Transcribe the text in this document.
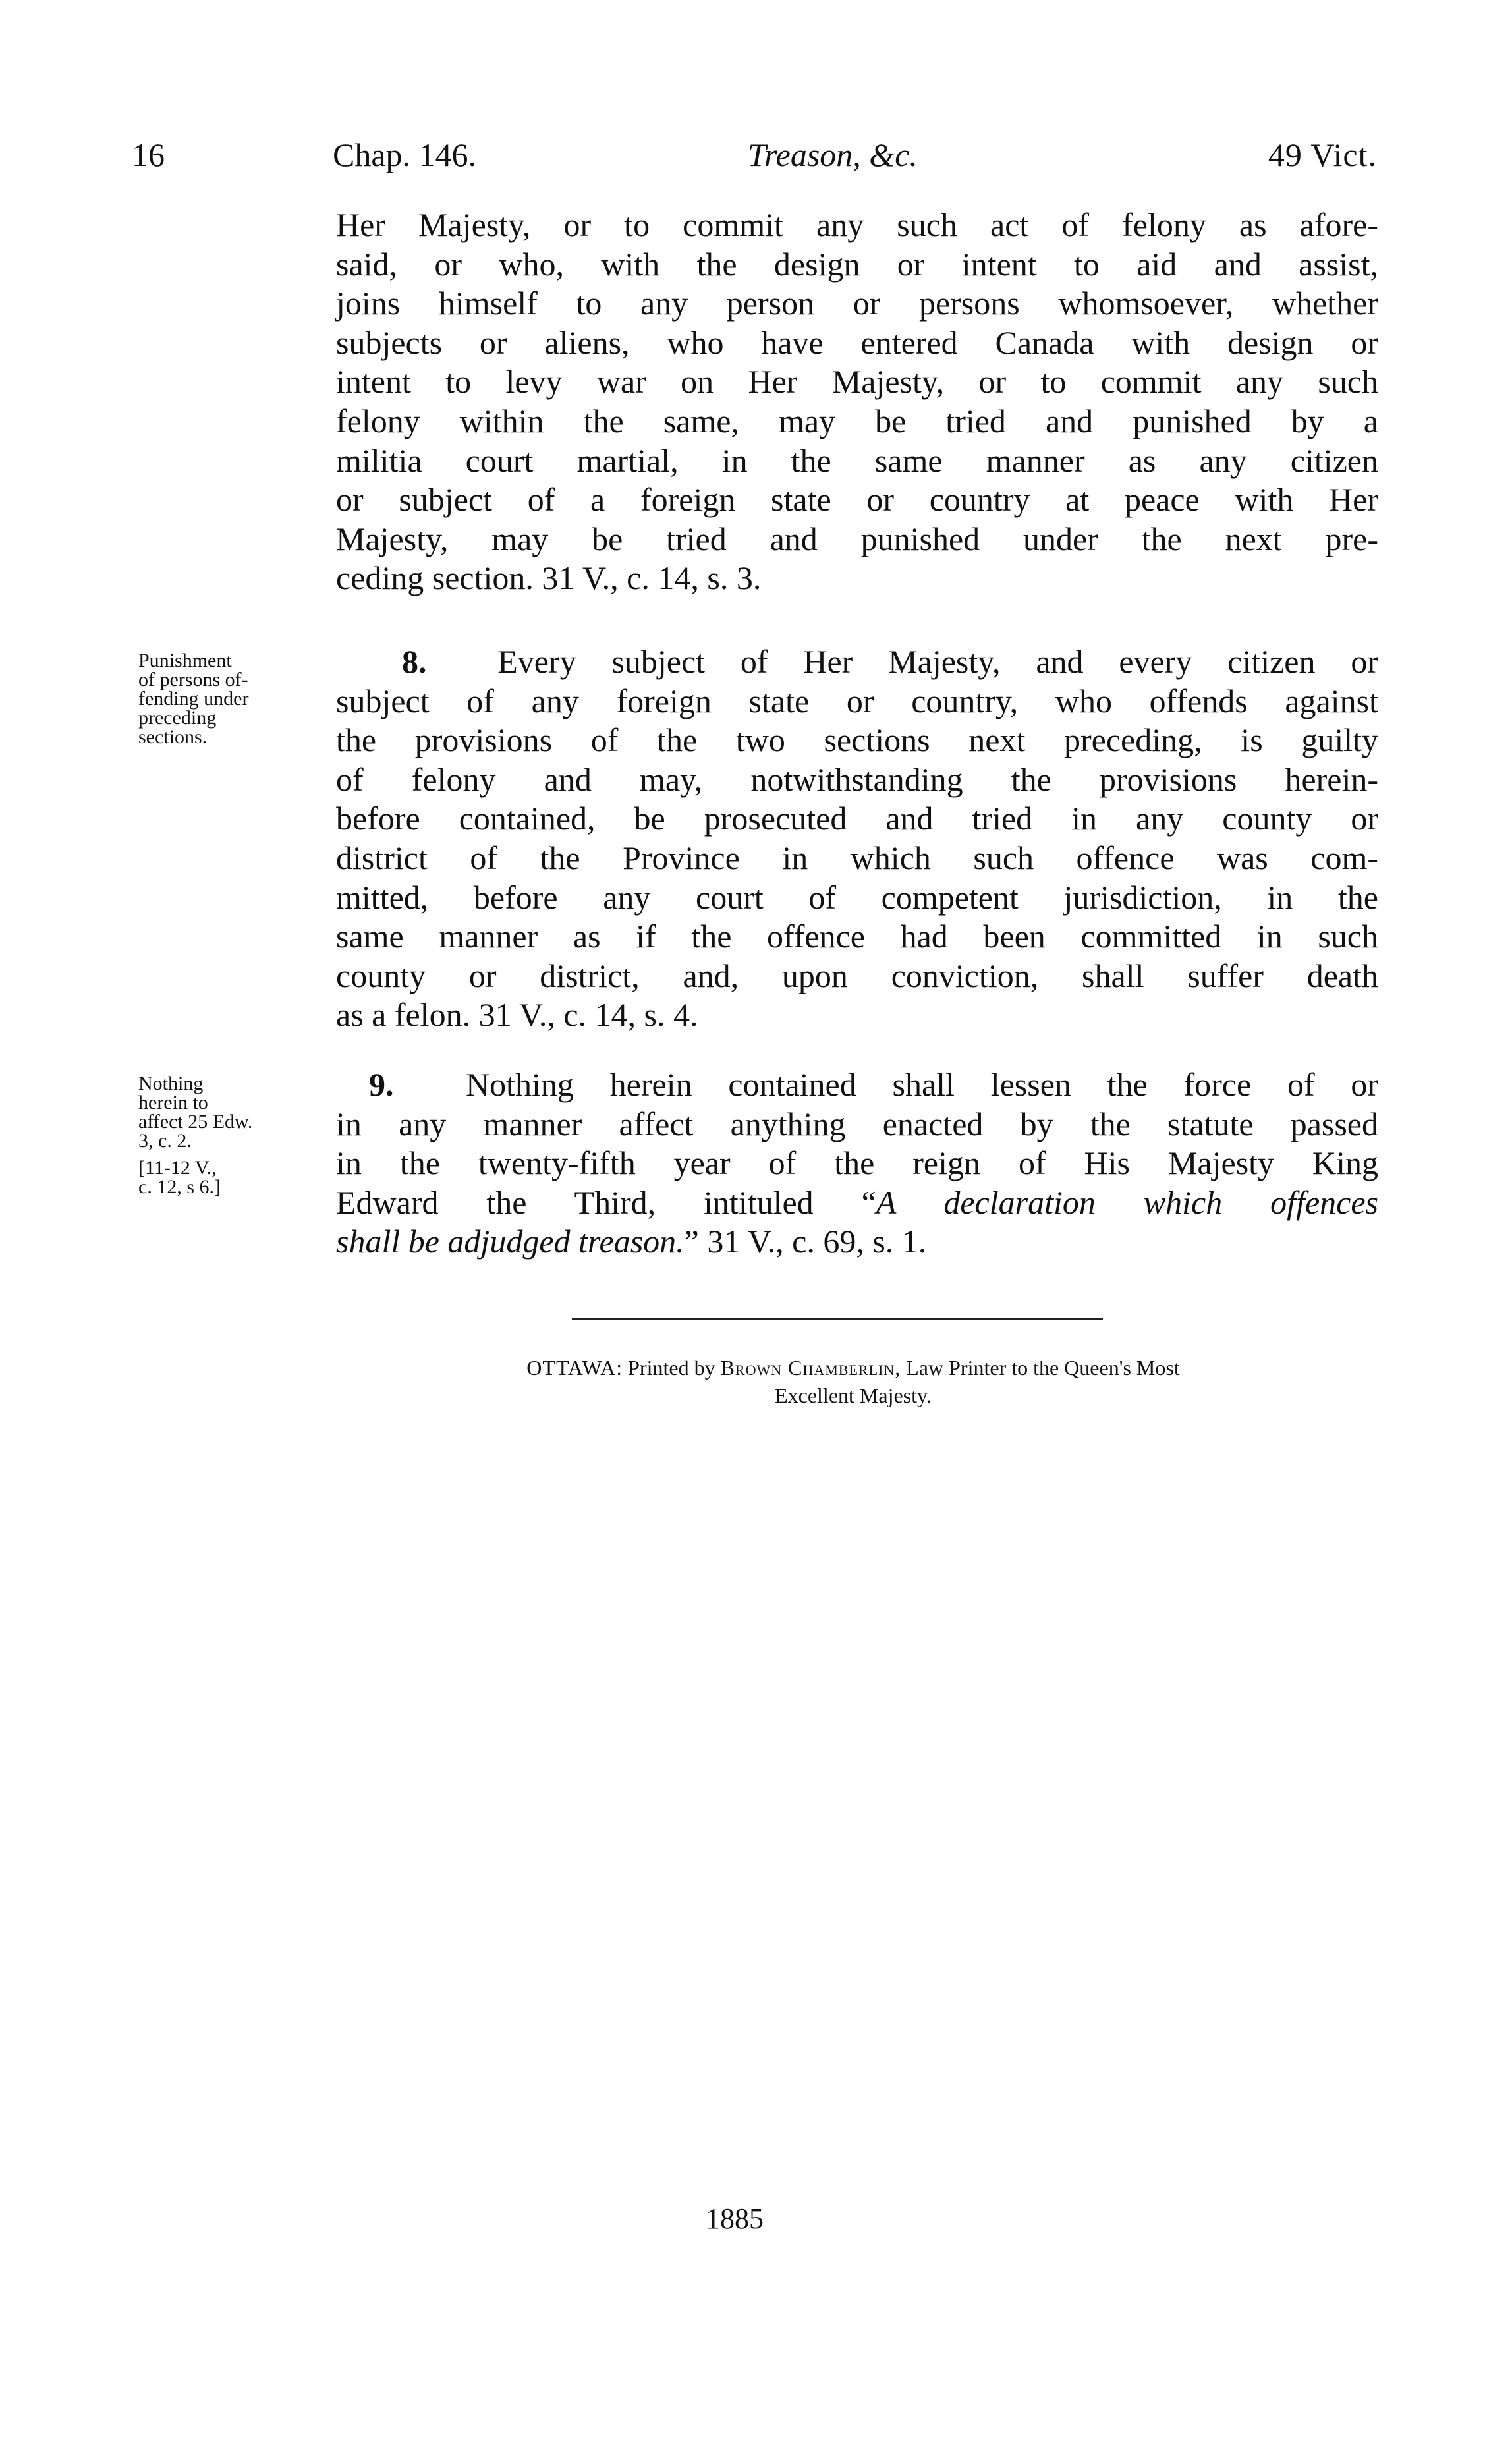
16	Chap. 146.	Treason, &c.	49 Vict.
Her Majesty, or to commit any such act of felony as afore-
said, or who, with the design or intent to aid and assist,
joins himself to any person or persons whomsoever, whether
subjects or aliens, who have entered Canada with design or
intent to levy war on Her Majesty, or to commit any such
felony within the same, may be tried and punished by a
militia court martial, in the same manner as any citizen
or subject of a foreign state or country at peace with Her
Majesty, may be tried and punished under the next pre-
ceding section. 31 V., c. 14, s. 3.
Punishment
of persons of-
fending under
preceding
sections.
8. Every subject of Her Majesty, and every citizen or
subject of any foreign state or country, who offends against
the provisions of the two sections next preceding, is guilty
of felony and may, notwithstanding the provisions herein-
before contained, be prosecuted and tried in any county or
district of the Province in which such offence was com-
mitted, before any court of competent jurisdiction, in the
same manner as if the offence had been committed in such
county or district, and, upon conviction, shall suffer death
as a felon. 31 V., c. 14, s. 4.
Nothing
herein to
affect 25 Edw.
3, c. 2.
[11-12 V.,
c. 12, s 6.]
9. Nothing herein contained shall lessen the force of or
in any manner affect anything enacted by the statute passed
in the twenty-fifth year of the reign of His Majesty King
Edward the Third, intituled “A declaration which offences
shall be adjudged treason.” 31 V., c. 69, s. 1.
OTTAWA: Printed by Brown Chamberlin, Law Printer to the Queen's Most
Excellent Majesty.
1885
